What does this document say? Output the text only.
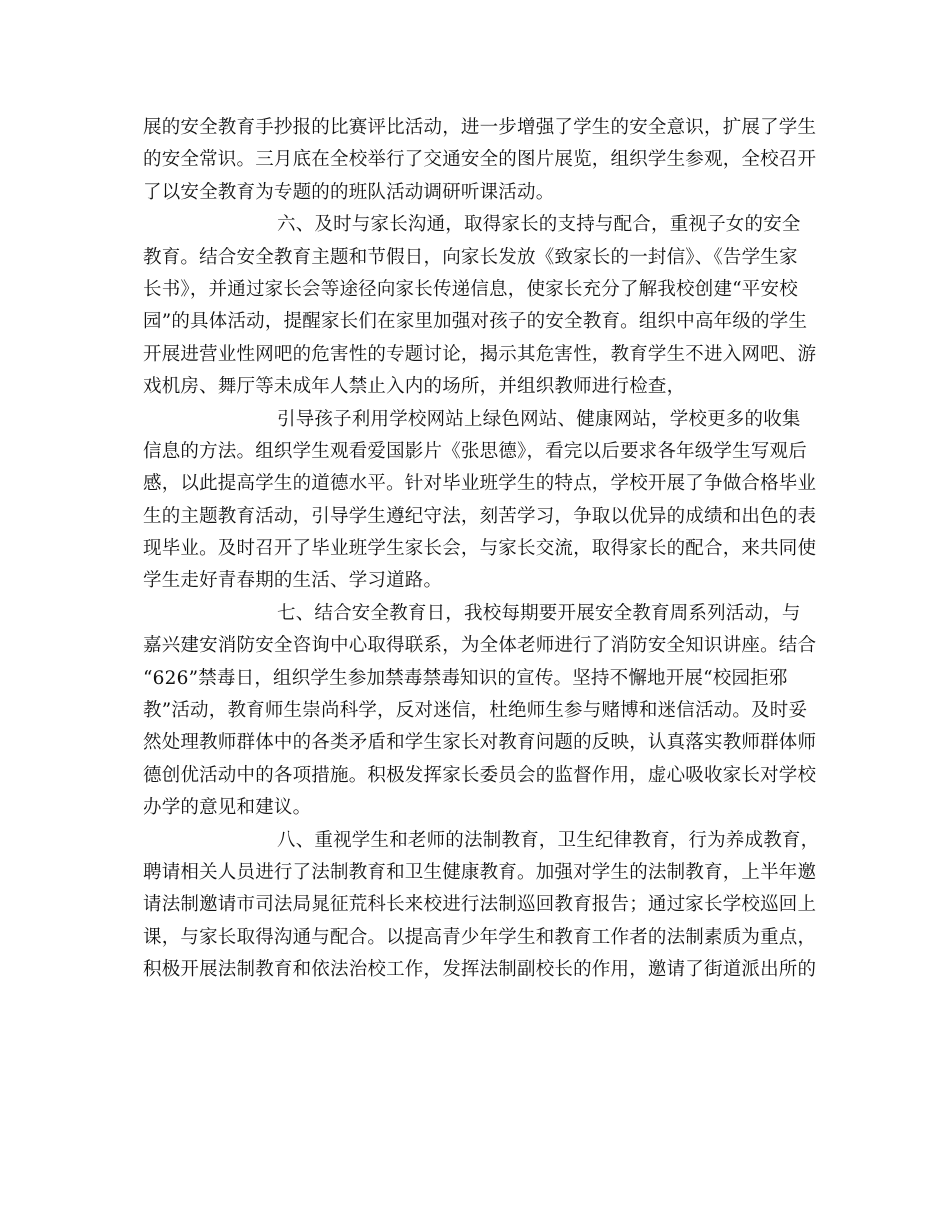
展的安全教育手抄报的比赛评比活动，进一步增强了学生的安全意识，扩展了学生
的安全常识。三月底在全校举行了交通安全的图片展览，组织学生参观，全校召开
了以安全教育为专题的的班队活动调研听课活动。
六、及时与家长沟通，取得家长的支持与配合，重视子女的安全
教育。结合安全教育主题和节假日，向家长发放《致家长的一封信》、《告学生家
长书》，并通过家长会等途径向家长传递信息，使家长充分了解我校创建“平安校
园”的具体活动，提醒家长们在家里加强对孩子的安全教育。组织中高年级的学生
开展进营业性网吧的危害性的专题讨论，揭示其危害性，教育学生不进入网吧、游
戏机房、舞厅等未成年人禁止入内的场所，并组织教师进行检查，
引导孩子利用学校网站上绿色网站、健康网站，学校更多的收集
信息的方法。组织学生观看爱国影片《张思德》，看完以后要求各年级学生写观后
感，以此提高学生的道德水平。针对毕业班学生的特点，学校开展了争做合格毕业
生的主题教育活动，引导学生遵纪守法，刻苦学习，争取以优异的成绩和出色的表
现毕业。及时召开了毕业班学生家长会，与家长交流，取得家长的配合，来共同使
学生走好青春期的生活、学习道路。
七、结合安全教育日，我校每期要开展安全教育周系列活动，与
嘉兴建安消防安全咨询中心取得联系，为全体老师进行了消防安全知识讲座。结合
“626”禁毒日，组织学生参加禁毒禁毒知识的宣传。坚持不懈地开展“校园拒邪
教”活动，教育师生崇尚科学，反对迷信，杜绝师生参与赌博和迷信活动。及时妥
然处理教师群体中的各类矛盾和学生家长对教育问题的反映，认真落实教师群体师
德创优活动中的各项措施。积极发挥家长委员会的监督作用，虚心吸收家长对学校
办学的意见和建议。
八、重视学生和老师的法制教育，卫生纪律教育，行为养成教育，
聘请相关人员进行了法制教育和卫生健康教育。加强对学生的法制教育，上半年邀
请法制邀请市司法局晁征荒科长来校进行法制巡回教育报告；通过家长学校巡回上
课，与家长取得沟通与配合。以提高青少年学生和教育工作者的法制素质为重点，
积极开展法制教育和依法治校工作，发挥法制副校长的作用，邀请了街道派出所的
